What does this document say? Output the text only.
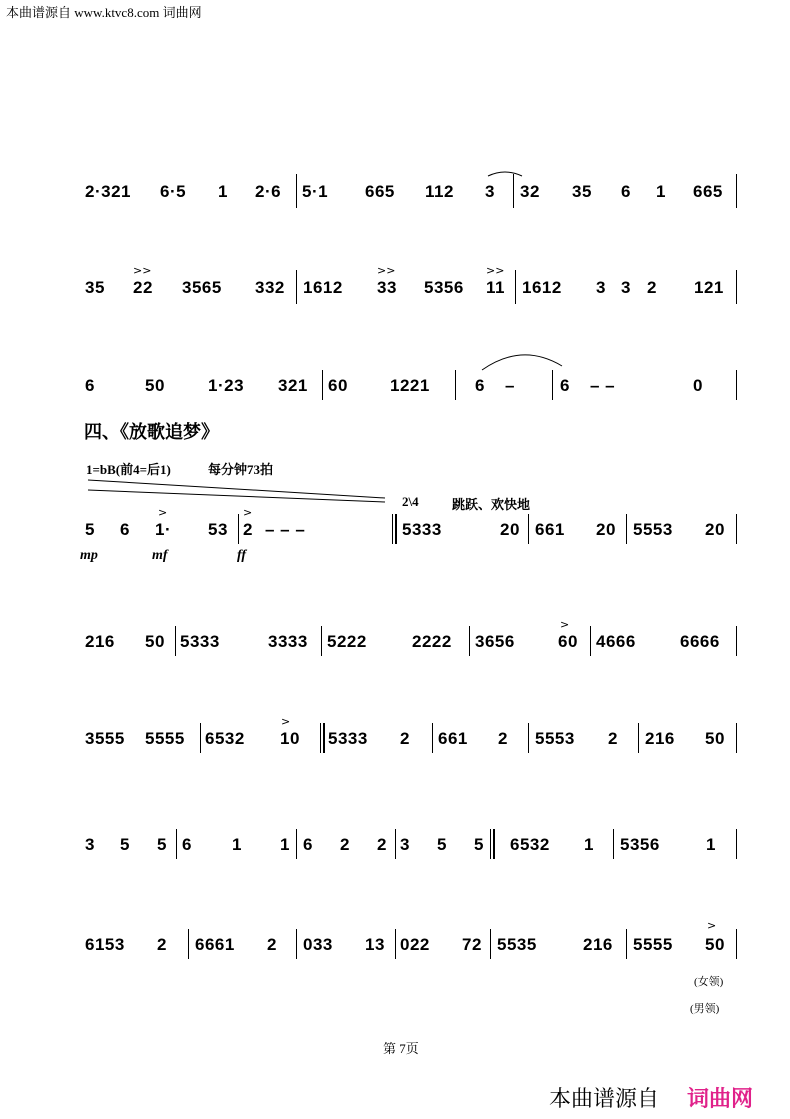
本曲谱源自 www.ktvc8.com 词曲网
2·321 6·5 1 2·6 5·1 665 112 3 32 35 6 1 665
35
>>
22 3565 332 1612
>>
33 5356
>>
11 1612 3 3 2 121
6	50	1·23 321 60 1221	6 –	6 – –	0
四、《放歌追梦》
1=bB(前4=后1)	每分钟73拍
2\4	跳跃、欢快地
5 6
>
1· 53
>
2 – – –	5333	20 661 20 5553 20
mp	mf	ff
216 50 5333	3333 5222	2222 3656
>
60 4666	6666
3555 5555 6532
>
10 5333 2 661 2 5553 2 216 50
3 5 5 6 1 1 6 2 2 3 5 5 6532 1 5356	1
6153 2 6661 2 033 13 022 72 5535	216 5555
>
50
(女领)
(男领)
第 7页
本曲谱源自 词曲网
